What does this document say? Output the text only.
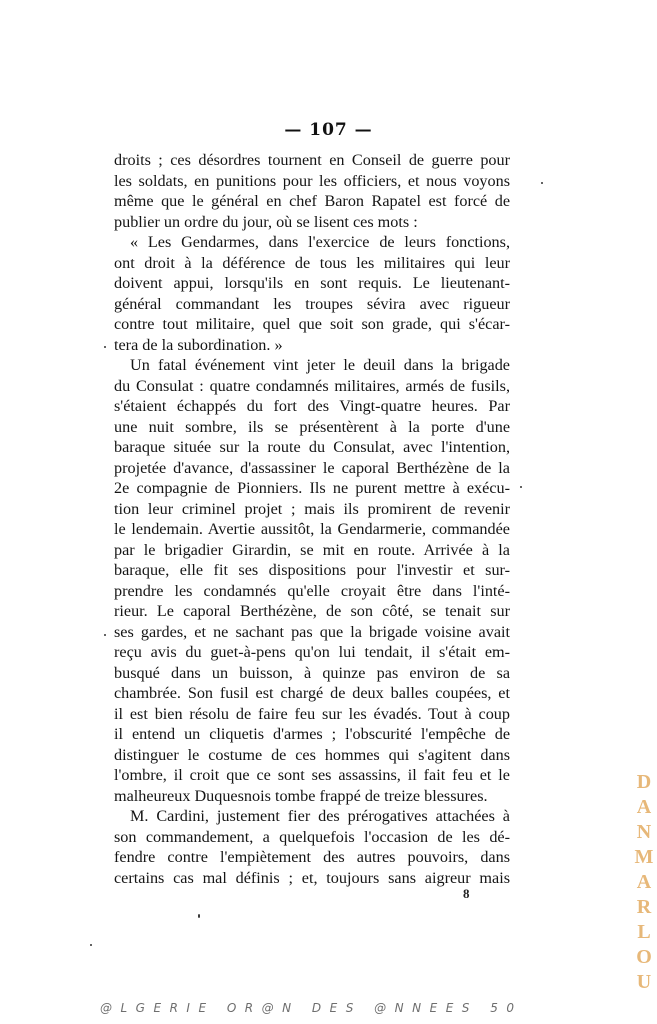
— 107 —
droits ; ces désordres tournent en Conseil de guerre pour
les soldats, en punitions pour les officiers, et nous voyons
même que le général en chef Baron Rapatel est forcé de
publier un ordre du jour, où se lisent ces mots :
« Les Gendarmes, dans l'exercice de leurs fonctions,
ont droit à la déférence de tous les militaires qui leur
doivent appui, lorsqu'ils en sont requis. Le lieutenant-
général commandant les troupes sévira avec rigueur
contre tout militaire, quel que soit son grade, qui s'écar-
tera de la subordination. »
Un fatal événement vint jeter le deuil dans la brigade
du Consulat : quatre condamnés militaires, armés de fusils,
s'étaient échappés du fort des Vingt-quatre heures. Par
une nuit sombre, ils se présentèrent à la porte d'une
baraque située sur la route du Consulat, avec l'intention,
projetée d'avance, d'assassiner le caporal Berthézène de la
2e compagnie de Pionniers. Ils ne purent mettre à exécu-
tion leur criminel projet ; mais ils promirent de revenir
le lendemain. Avertie aussitôt, la Gendarmerie, commandée
par le brigadier Girardin, se mit en route. Arrivée à la
baraque, elle fit ses dispositions pour l'investir et sur-
prendre les condamnés qu'elle croyait être dans l'inté-
rieur. Le caporal Berthézène, de son côté, se tenait sur
ses gardes, et ne sachant pas que la brigade voisine avait
reçu avis du guet-à-pens qu'on lui tendait, il s'était em-
busqué dans un buisson, à quinze pas environ de sa
chambrée. Son fusil est chargé de deux balles coupées, et
il est bien résolu de faire feu sur les évadés. Tout à coup
il entend un cliquetis d'armes ; l'obscurité l'empêche de
distinguer le costume de ces hommes qui s'agitent dans
l'ombre, il croit que ce sont ses assassins, il fait feu et le
malheureux Duquesnois tombe frappé de treize blessures.
M. Cardini, justement fier des prérogatives attachées à
son commandement, a quelquefois l'occasion de les dé-
fendre contre l'empiètement des autres pouvoirs, dans
certains cas mal définis ; et, toujours sans aigreur mais
8
D
A
N
M
A
R
L
O
U
@LGERIE OR@N DES @NNEES 50
